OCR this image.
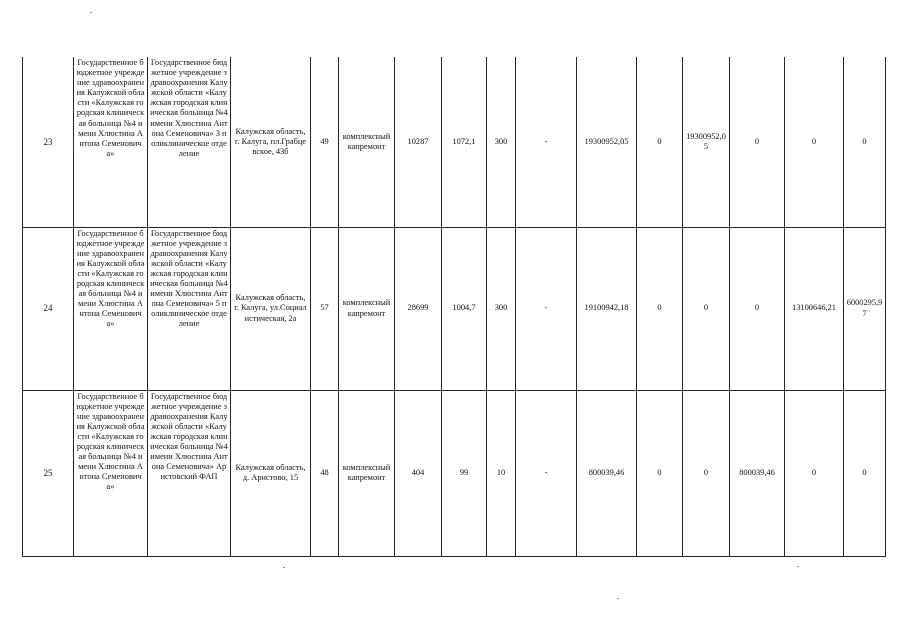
23	Государственное бюджетное учреждение здравоохранения Калужской области «Калужская городская клиническая больница №4 имени Хлюстина Антона Семеновича»	Государственное бюджетное учреждение здравоохранения Калужской области «Калужская городская клиническая больница №4 имени Хлюстина Антона Семеновича» 3 поликлиническое отделение	Калужская область, г. Калуга, пл.Грабцевское, 43б	49	комплексный капремонт	10287	1072,1	300	-	19300952,05	0	19300952,05	0	0	0
24	Государственное бюджетное учреждение здравоохранения Калужской области «Калужская городская клиническая больница №4 имени Хлюстина Антона Семеновича»	Государственное бюджетное учреждение здравоохранения Калужской области «Калужская городская клиническая больница №4 имени Хлюстина Антона Семеновича» 5 поликлиническое отделение	Калужская область, г. Калуга, ул.Социалистическая, 2а	57	комплексный капремонт	28699	1004,7	300	-	19100942,18	0	0	0	13100646,21	6000295,97
25	Государственное бюджетное учреждение здравоохранения Калужской области «Калужская городская клиническая больница №4 имени Хлюстина Антона Семеновича»	Государственное бюджетное учреждение здравоохранения Калужской области «Калужская городская клиническая больница №4 имени Хлюстина Антона Семеновича» Аристовский ФАП	Калужская область, д. Аристово, 15	48	комплексный капремонт	404	99	10	-	800039,46	0	0	800039,46	0	0
